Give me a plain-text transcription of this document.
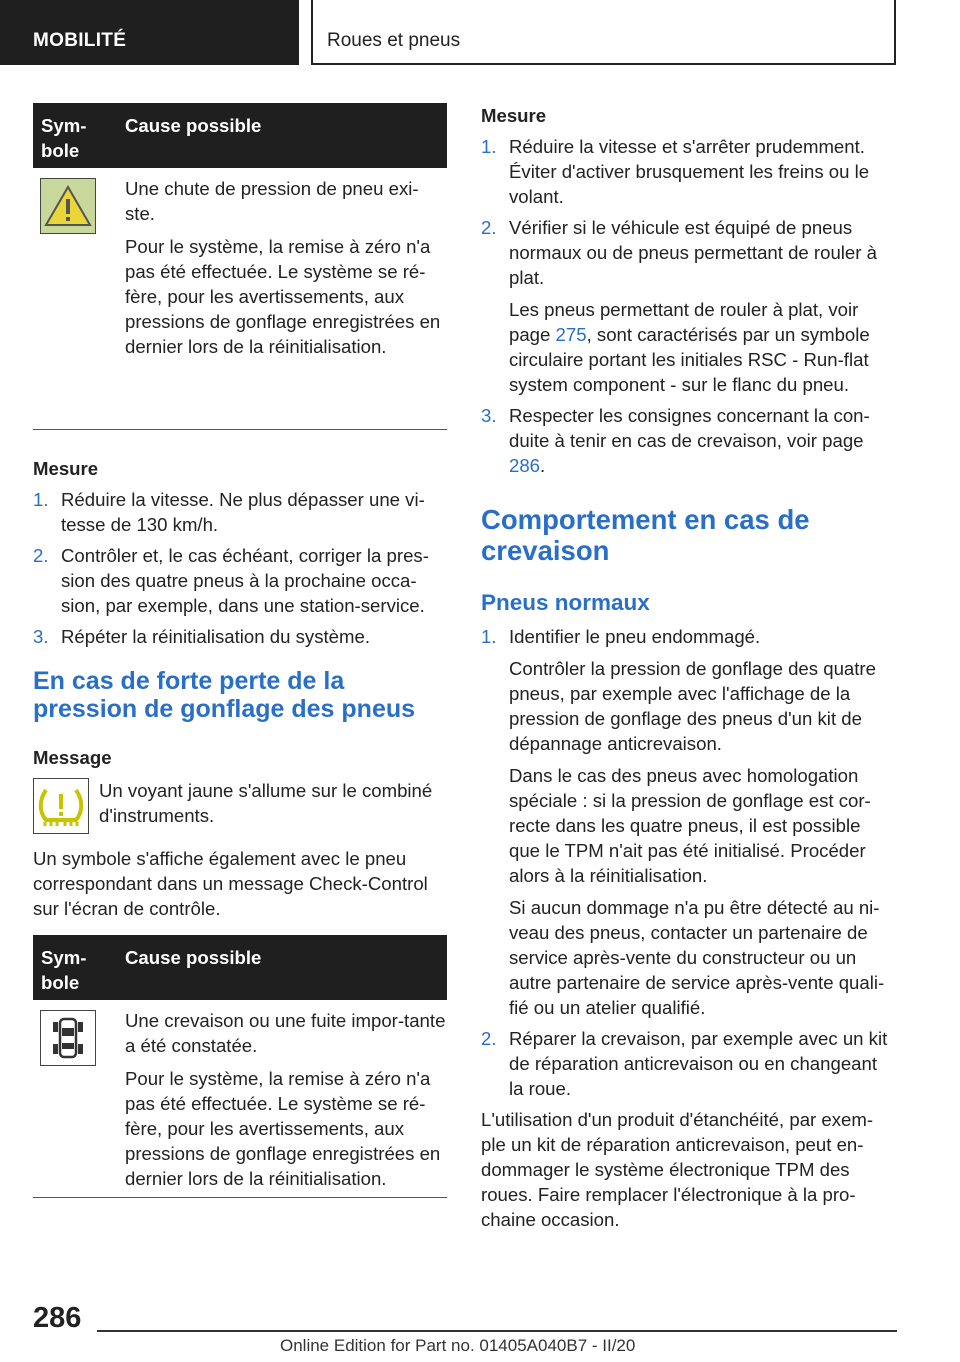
MOBILITÉ	Roues et pneus
Sym-
bole
Cause possible

Une chute de pression de pneu exi-ste.

Pour le système, la remise à zéro n'a pas été effectuée. Le système se ré-fère, pour les avertissements, aux pressions de gonflage enregistrées en dernier lors de la réinitialisation.

Mesure

1. Réduire la vitesse. Ne plus dépasser une vi-tesse de 130 km/h.
2. Contrôler et, le cas échéant, corriger la pres-sion des quatre pneus à la prochaine occa-sion, par exemple, dans une station-service.
3. Répéter la réinitialisation du système.
En cas de forte perte de la pression de gonflage des pneus

Message

Un voyant jaune s'allume sur le combiné d'instruments.

Un symbole s'affiche également avec le pneu correspondant dans un message Check-Control sur l'écran de contrôle.

Sym-
bole
Cause possible

Une crevaison ou une fuite impor-tante a été constatée.

Pour le système, la remise à zéro n'a pas été effectuée. Le système se ré-fère, pour les avertissements, aux pressions de gonflage enregistrées en dernier lors de la réinitialisation.

Mesure

1. Réduire la vitesse et s'arrêter prudemment. Éviter d'activer brusquement les freins ou le volant.
2. Vérifier si le véhicule est équipé de pneus normaux ou de pneus permettant de rouler à plat.

Les pneus permettant de rouler à plat, voir page 275, sont caractérisés par un symbole circulaire portant les initiales RSC - Run-flat system component - sur le flanc du pneu.

3. Respecter les consignes concernant la con-duite à tenir en cas de crevaison, voir page 286.
Comportement en cas de crevaison
Pneus normaux
1. Identifier le pneu endommagé.

Contrôler la pression de gonflage des quatre pneus, par exemple avec l'affichage de la pression de gonflage des pneus d'un kit de dépannage anticrevaison.

Dans le cas des pneus avec homologation spéciale : si la pression de gonflage est cor-recte dans les quatre pneus, il est possible que le TPM n'ait pas été initialisé. Procéder alors à la réinitialisation.

Si aucun dommage n'a pu être détecté au ni-veau des pneus, contacter un partenaire de service après-vente du constructeur ou un autre partenaire de service après-vente quali-fié ou un atelier qualifié.

2. Réparer la crevaison, par exemple avec un kit de réparation anticrevaison ou en changeant la roue.

L'utilisation d'un produit d'étanchéité, par exem-ple un kit de réparation anticrevaison, peut en-dommager le système électronique TPM des roues. Faire remplacer l'électronique à la pro-chaine occasion.

286
Online Edition for Part no. 01405A040B7 - II/20
